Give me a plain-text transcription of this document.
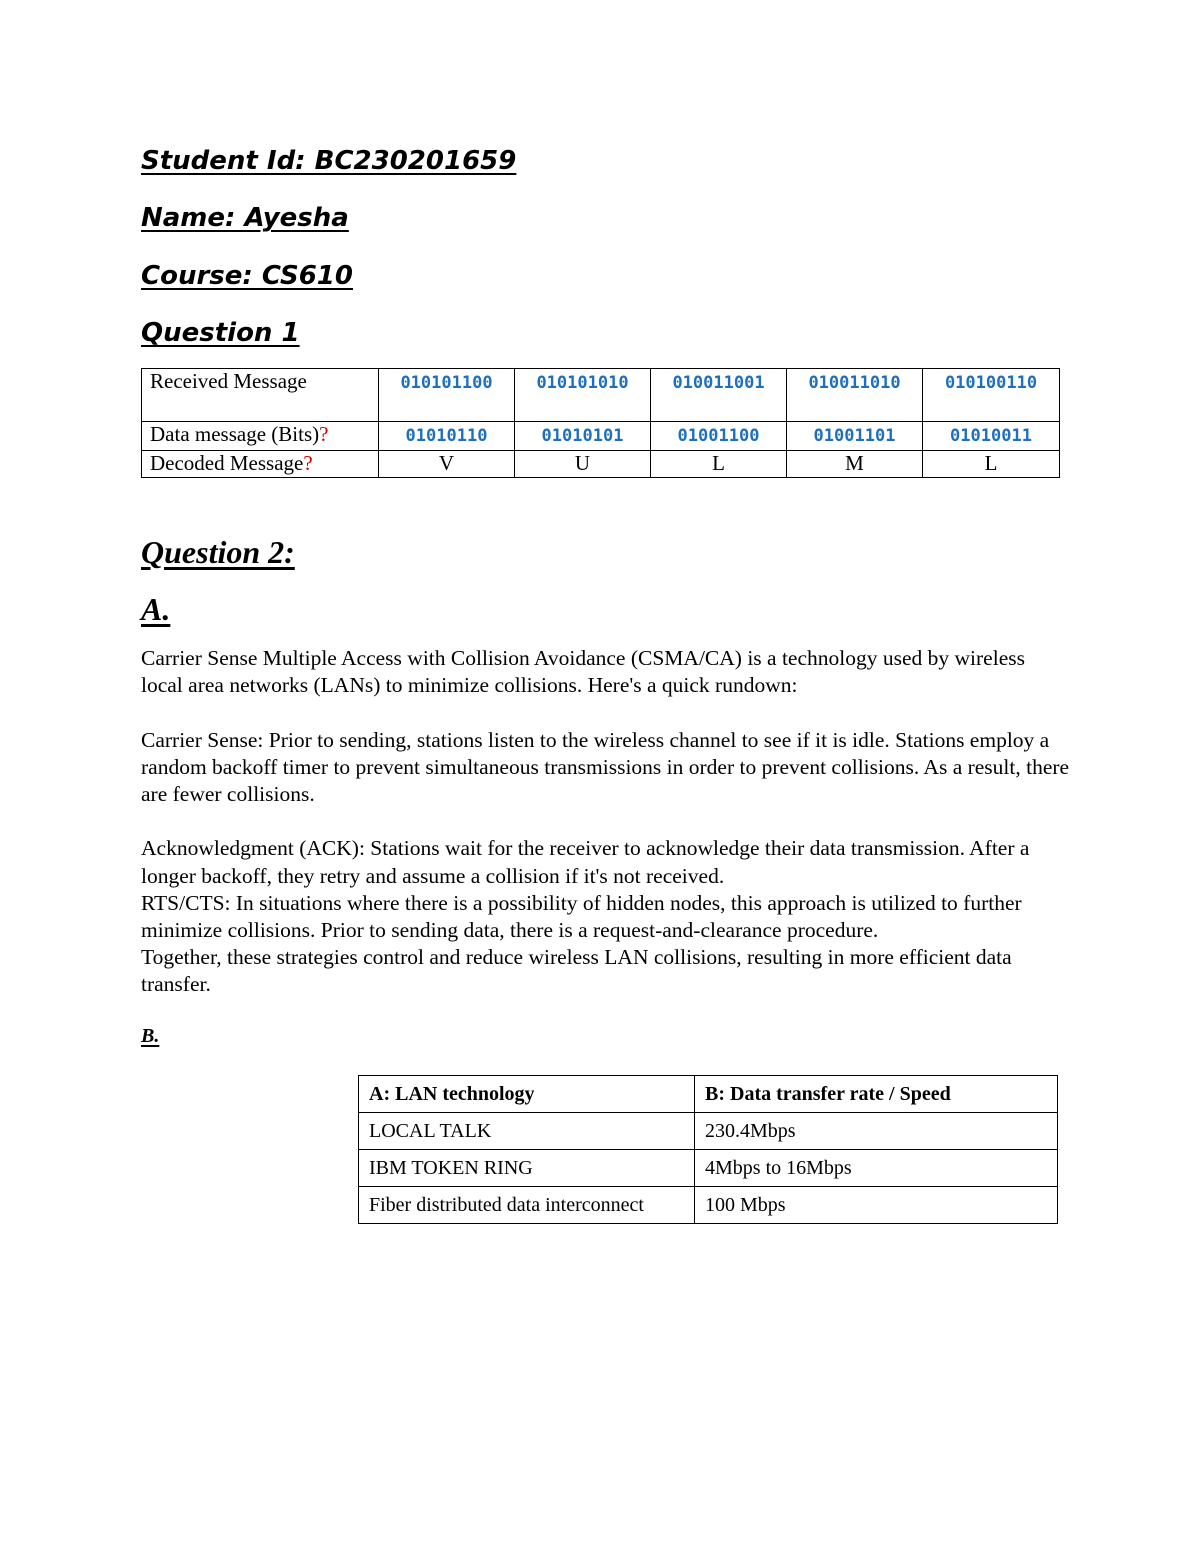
Student Id: BC230201659
Name: Ayesha
Course: CS610
Question 1
Received Message	010101100	010101010	010011001	010011010	010100110
Data message (Bits)?	01010110	01010101	01001100	01001101	01010011
Decoded Message?	V	U	L	M	L
Question 2:
A.

Carrier Sense Multiple Access with Collision Avoidance (CSMA/CA) is a technology used by wireless local area networks (LANs) to minimize collisions. Here's a quick rundown:

Carrier Sense: Prior to sending, stations listen to the wireless channel to see if it is idle. Stations employ a random backoff timer to prevent simultaneous transmissions in order to prevent collisions. As a result, there are fewer collisions.

Acknowledgment (ACK): Stations wait for the receiver to acknowledge their data transmission. After a longer backoff, they retry and assume a collision if it's not received.

RTS/CTS: In situations where there is a possibility of hidden nodes, this approach is utilized to further minimize collisions. Prior to sending data, there is a request-and-clearance procedure.

Together, these strategies control and reduce wireless LAN collisions, resulting in more efficient data transfer.

B.
A: LAN technology	B: Data transfer rate / Speed
LOCAL TALK	230.4Mbps
IBM TOKEN RING	4Mbps to 16Mbps
Fiber distributed data interconnect	100 Mbps
